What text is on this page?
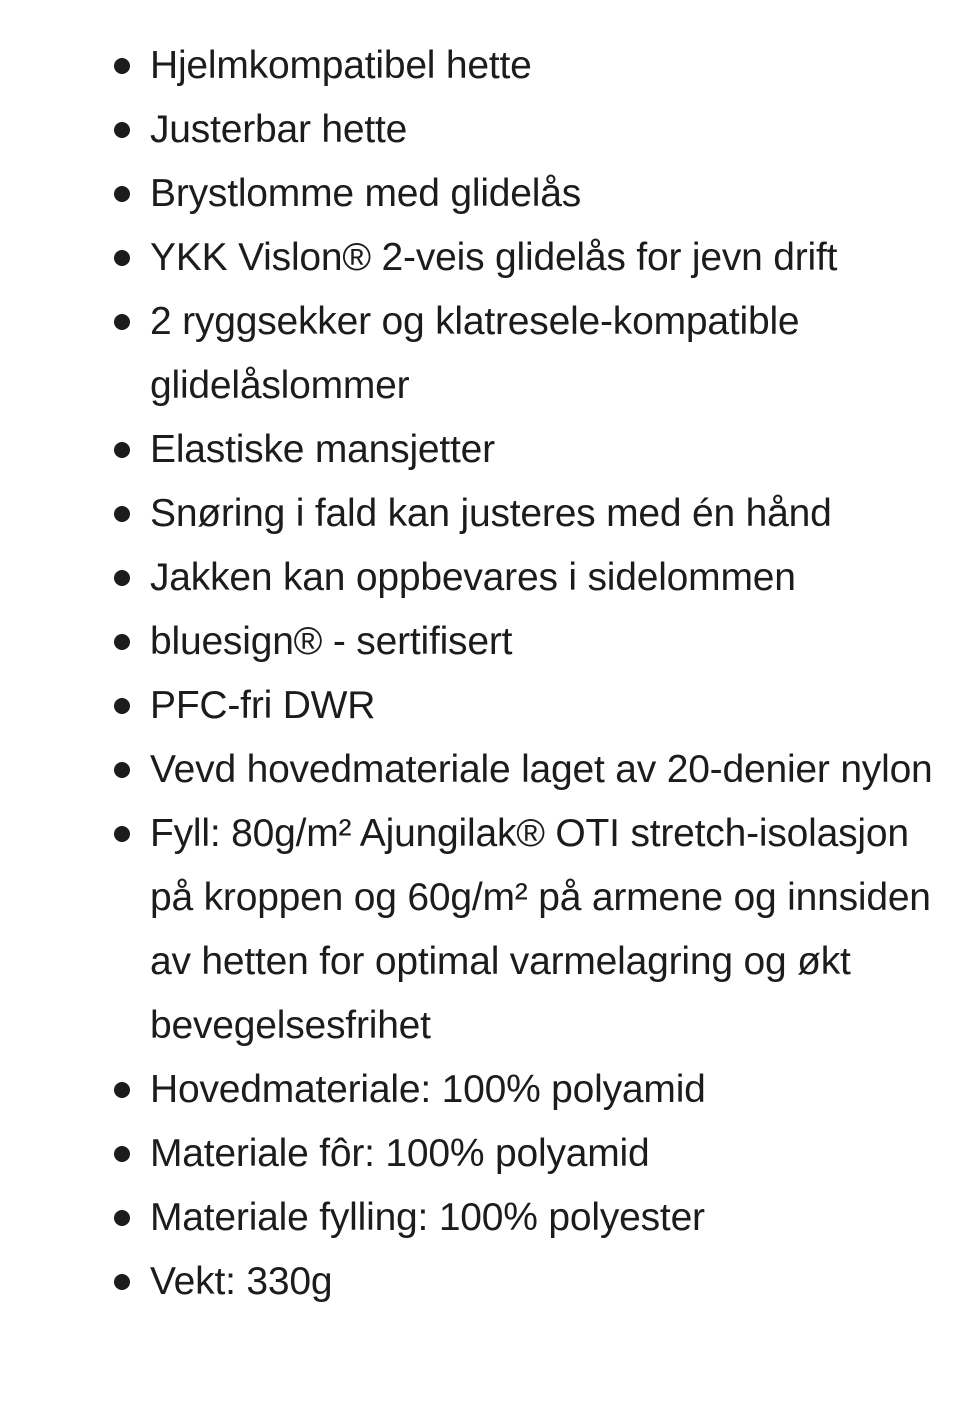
Hjelmkompatibel hette
Justerbar hette
Brystlomme med glidelås
YKK Vislon® 2-veis glidelås for jevn drift
2 ryggsekker og klatresele-kompatible glidelåslommer
Elastiske mansjetter
Snøring i fald kan justeres med én hånd
Jakken kan oppbevares i sidelommen
bluesign® - sertifisert
PFC-fri DWR
Vevd hovedmateriale laget av 20-denier nylon
Fyll: 80g/m² Ajungilak® OTI stretch-isolasjon på kroppen og 60g/m² på armene og innsiden av hetten for optimal varmelagring og økt bevegelsesfrihet
Hovedmateriale: 100% polyamid
Materiale fôr: 100% polyamid
Materiale fylling: 100% polyester
Vekt: 330g
